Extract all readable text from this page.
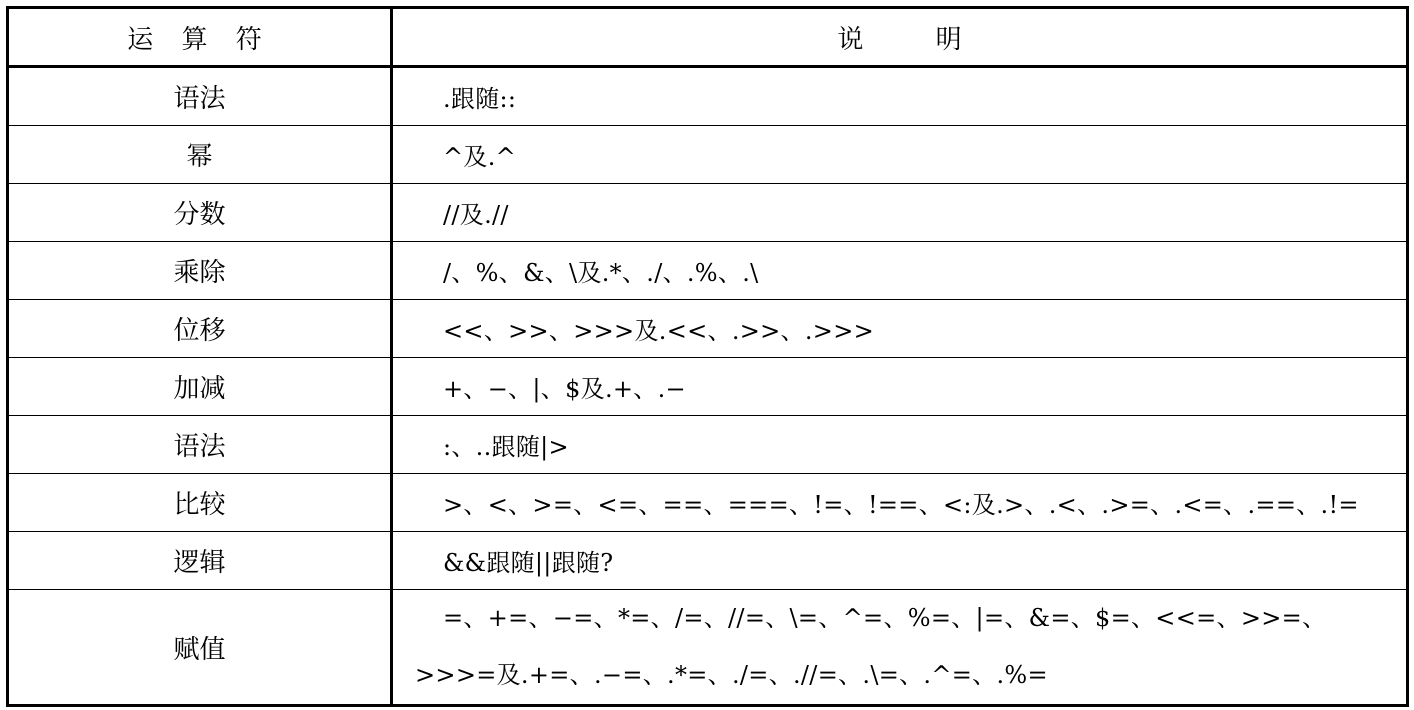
运 算 符	说 明
语法	.跟随::
幂	^及.^
分数	//及.//
乘除	/、%、&、\及.*、./、.%、.\
位移	<<、>>、>>>及.<<、.>>、.>>>
加减	+、−、|、$及.+、.−
语法	:、..跟随|>
比较	>、<、>=、<=、==、===、!=、!==、<:及.>、.<、.>=、.<=、.==、.!=
逻辑	&&跟随||跟随?
赋值	=、+=、−=、*=、/=、//=、\=、^=、%=、|=、&=、$=、<<=、>>=、>>>=及.+=、.−=、.*=、./=、.//=、.\=、.^=、.%=
